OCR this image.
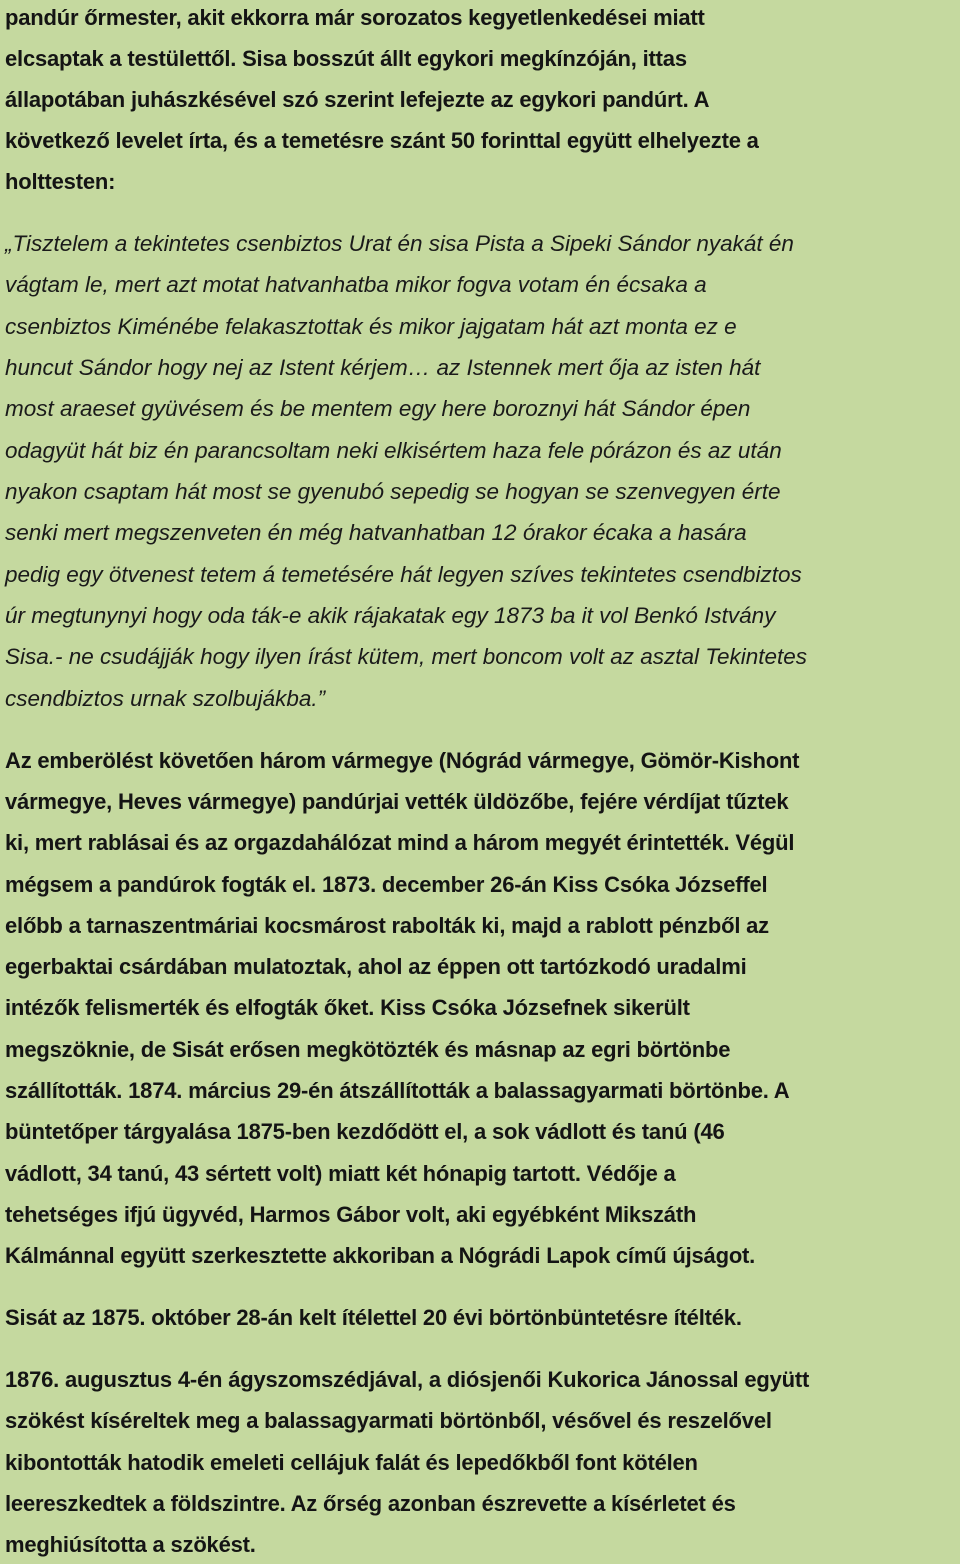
pandúr őrmester, akit ekkorra már sorozatos kegyetlenkedései miatt
elcsaptak a testülettől. Sisa bosszút állt egykori megkínzóján, ittas
állapotában juhászkésével szó szerint lefejezte az egykori pandúrt. A
következő levelet írta, és a temetésre szánt 50 forinttal együtt elhelyezte a
holttesten:
„Tisztelem a tekintetes csenbiztos Urat én sisa Pista a Sipeki Sándor nyakát én
vágtam le, mert azt motat hatvanhatba mikor fogva votam én écsaka a
csenbiztos Kiménébe felakasztottak és mikor jajgatam hát azt monta ez e
huncut Sándor hogy nej az Istent kérjem… az Istennek mert őja az isten hát
most araeset gyüvésem és be mentem egy here boroznyi hát Sándor épen
odagyüt hát biz én parancsoltam neki elkisértem haza fele pórázon és az után
nyakon csaptam hát most se gyenubó sepedig se hogyan se szenvegyen érte
senki mert megszenveten én még hatvanhatban 12 órakor écaka a hasára
pedig egy ötvenest tetem á temetésére hát legyen szíves tekintetes csendbiztos
úr megtunynyi hogy oda ták-e akik rájakatak egy 1873 ba it vol Benkó Istvány
Sisa.- ne csudájják hogy ilyen írást kütem, mert boncom volt az asztal Tekintetes
csendbiztos urnak szolbujákba.”
Az emberölést követően három vármegye (Nógrád vármegye, Gömör-Kishont
vármegye, Heves vármegye) pandúrjai vették üldözőbe, fejére vérdíjat tűztek
ki, mert rablásai és az orgazdahálózat mind a három megyét érintették. Végül
mégsem a pandúrok fogták el. 1873. december 26-án Kiss Csóka Józseffel
előbb a tarnaszentmáriai kocsmárost rabolták ki, majd a rablott pénzből az
egerbaktai csárdában mulatoztak, ahol az éppen ott tartózkodó uradalmi
intézők felismerték és elfogták őket. Kiss Csóka Józsefnek sikerült
megszöknie, de Sisát erősen megkötözték és másnap az egri börtönbe
szállították. 1874. március 29-én átszállították a balassagyarmati börtönbe. A
büntetőper tárgyalása 1875-ben kezdődött el, a sok vádlott és tanú (46
vádlott, 34 tanú, 43 sértett volt) miatt két hónapig tartott. Védője a
tehetséges ifjú ügyvéd, Harmos Gábor volt, aki egyébként Mikszáth
Kálmánnal együtt szerkesztette akkoriban a Nógrádi Lapok című újságot.
Sisát az 1875. október 28-án kelt ítélettel 20 évi börtönbüntetésre ítélték.
1876. augusztus 4-én ágyszomszédjával, a diósjenői Kukorica Jánossal együtt
szökést kíséreltek meg a balassagyarmati börtönből, vésővel és reszelővel
kibontották hatodik emeleti cellájuk falát és lepedőkből font kötélen
leereszkedtek a földszintre. Az őrség azonban észrevette a kísérletet és
meghiúsította a szökést.
